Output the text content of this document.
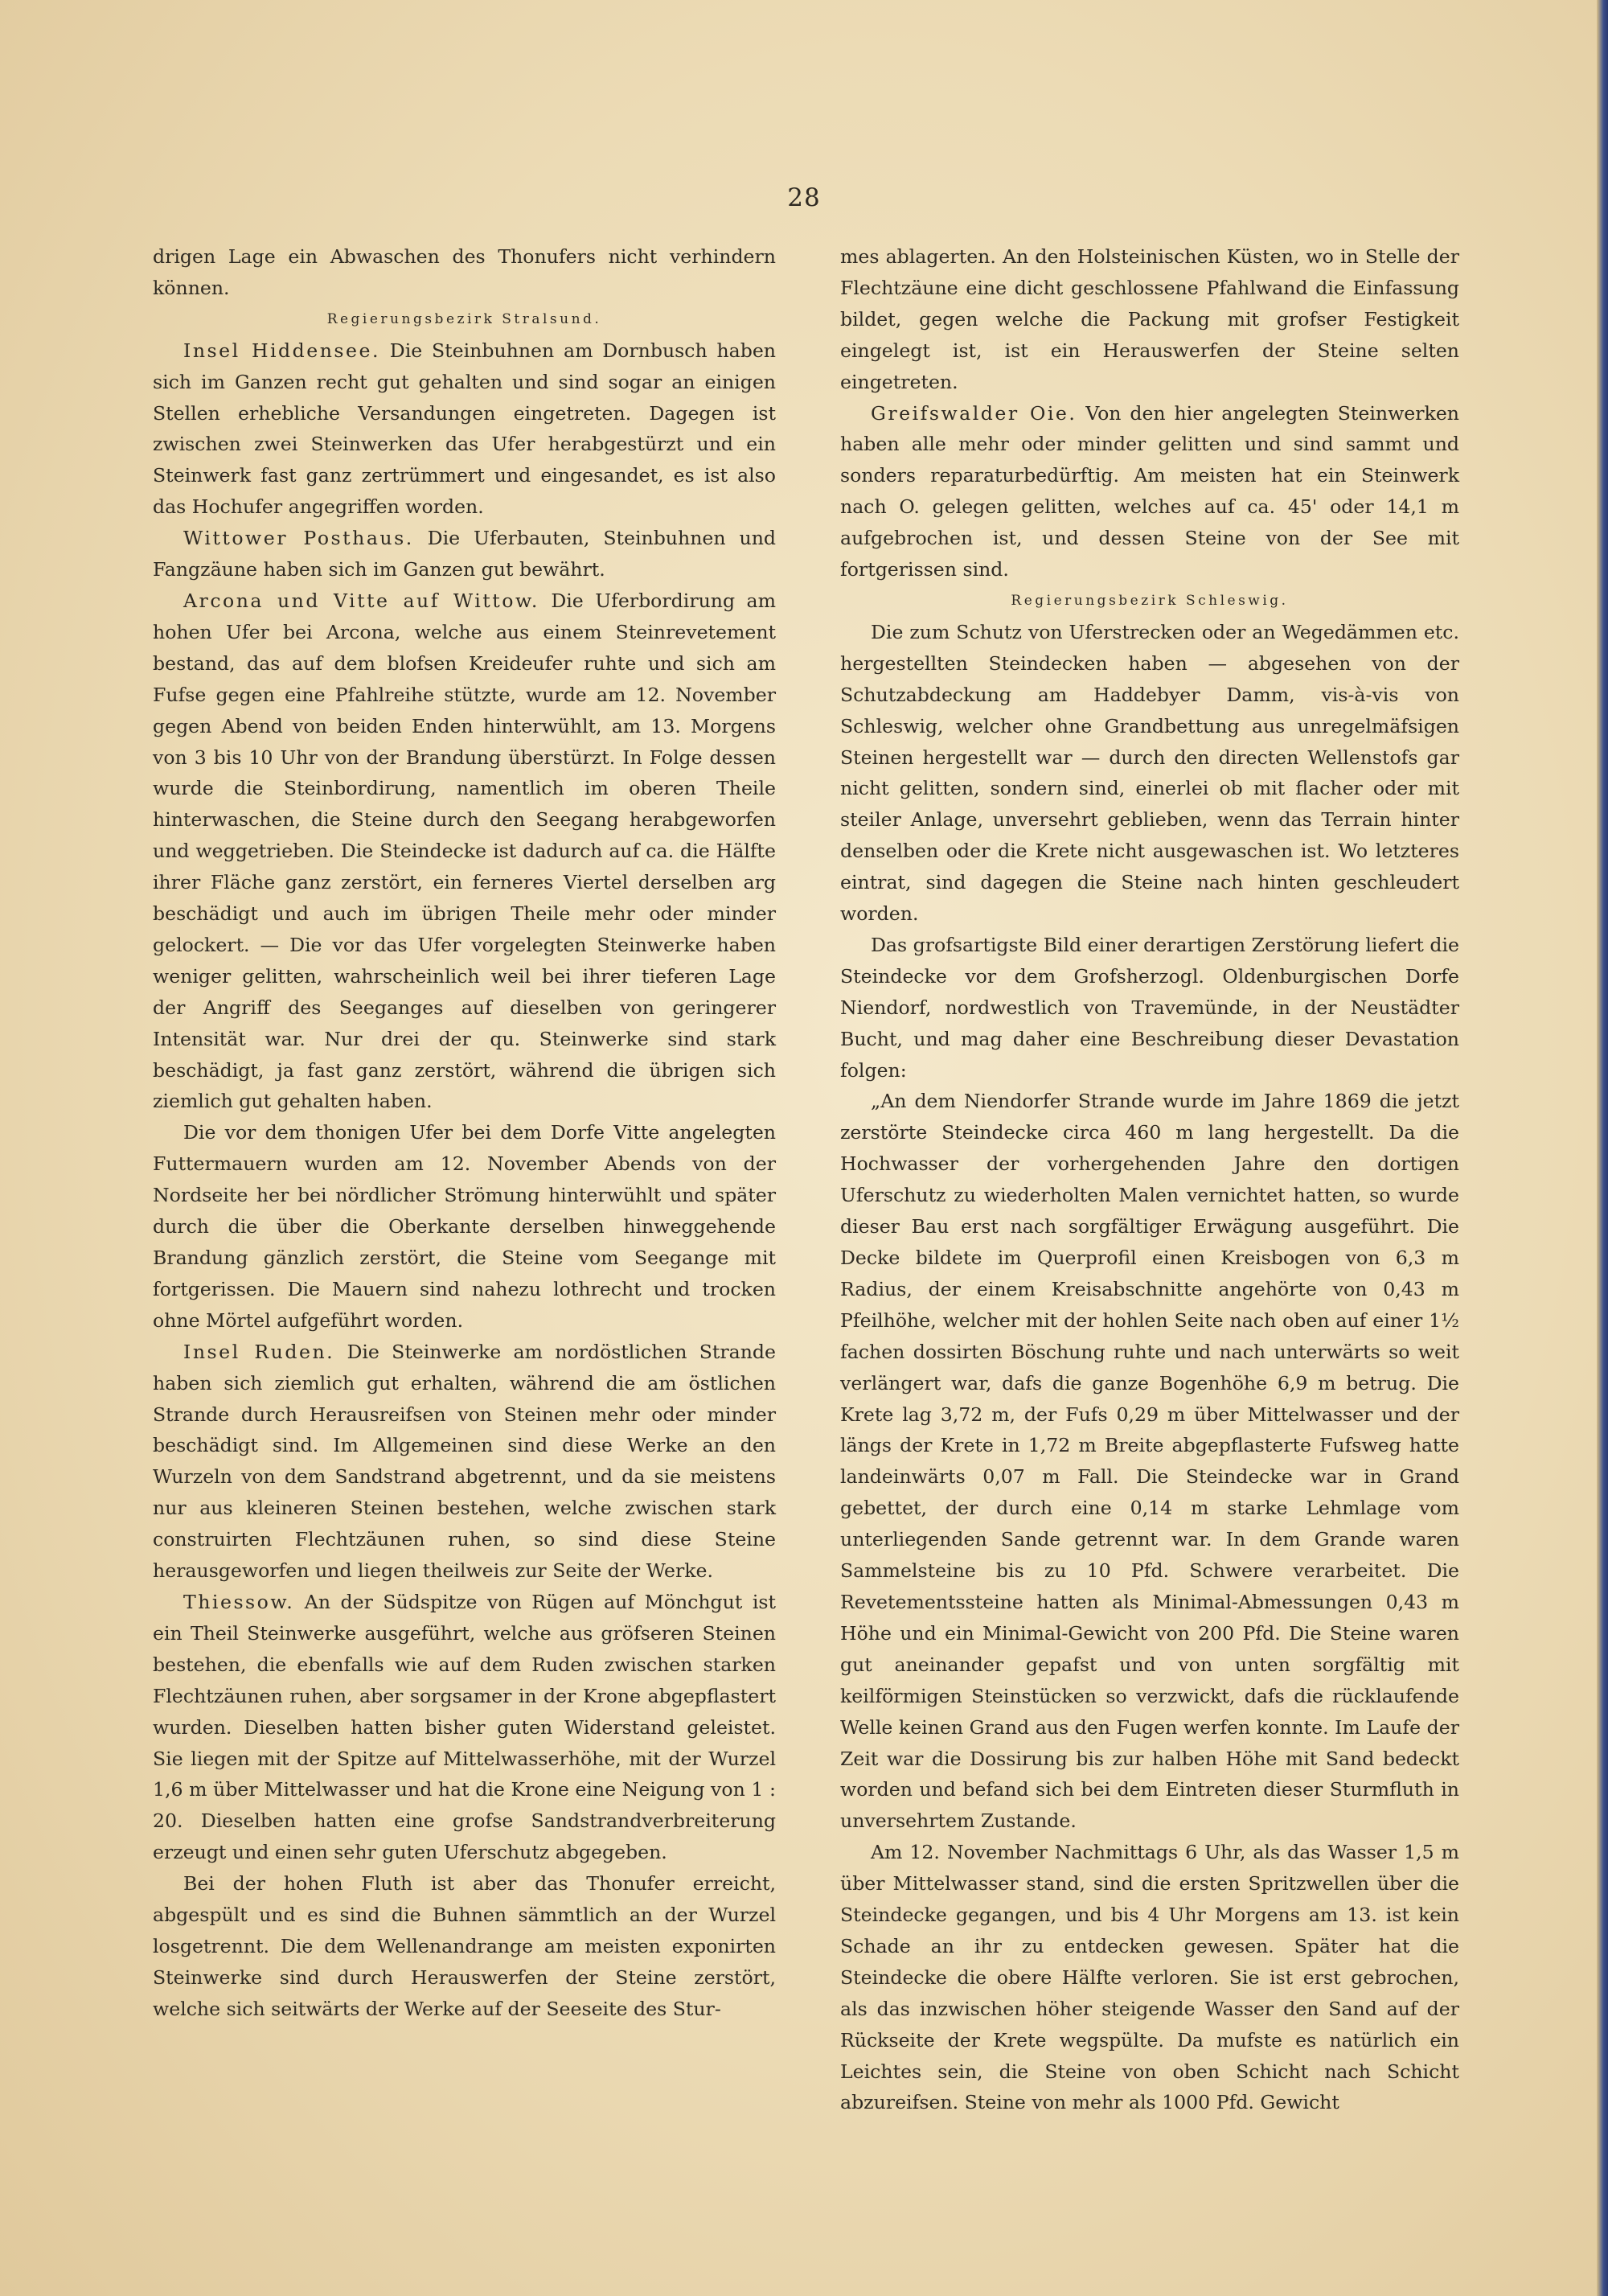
28

drigen Lage ein Abwaschen des Thonufers nicht verhindern können.

Regierungsbezirk Stralsund.

Insel Hiddensee. Die Steinbuhnen am Dornbusch haben sich im Ganzen recht gut gehalten und sind sogar an einigen Stellen erhebliche Versandungen eingetreten. Dagegen ist zwischen zwei Steinwerken das Ufer herabgestürzt und ein Steinwerk fast ganz zertrümmert und eingesandet, es ist also das Hochufer angegriffen worden.

Wittower Posthaus. Die Uferbauten, Steinbuhnen und Fangzäune haben sich im Ganzen gut bewährt.

Arcona und Vitte auf Wittow. Die Uferbordirung am hohen Ufer bei Arcona, welche aus einem Steinrevetement bestand, das auf dem blofsen Kreideufer ruhte und sich am Fufse gegen eine Pfahlreihe stützte, wurde am 12. November gegen Abend von beiden Enden hinterwühlt, am 13. Morgens von 3 bis 10 Uhr von der Brandung überstürzt. In Folge dessen wurde die Steinbordirung, namentlich im oberen Theile hinterwaschen, die Steine durch den Seegang herabgeworfen und weggetrieben. Die Steindecke ist dadurch auf ca. die Hälfte ihrer Fläche ganz zerstört, ein ferneres Viertel derselben arg beschädigt und auch im übrigen Theile mehr oder minder gelockert. — Die vor das Ufer vorgelegten Steinwerke haben weniger gelitten, wahrscheinlich weil bei ihrer tieferen Lage der Angriff des Seeganges auf dieselben von geringerer Intensität war. Nur drei der qu. Steinwerke sind stark beschädigt, ja fast ganz zerstört, während die übrigen sich ziemlich gut gehalten haben.

Die vor dem thonigen Ufer bei dem Dorfe Vitte angelegten Futtermauern wurden am 12. November Abends von der Nordseite her bei nördlicher Strömung hinterwühlt und später durch die über die Oberkante derselben hinweggehende Brandung gänzlich zerstört, die Steine vom Seegange mit fortgerissen. Die Mauern sind nahezu lothrecht und trocken ohne Mörtel aufgeführt worden.

Insel Ruden. Die Steinwerke am nordöstlichen Strande haben sich ziemlich gut erhalten, während die am östlichen Strande durch Herausreifsen von Steinen mehr oder minder beschädigt sind. Im Allgemeinen sind diese Werke an den Wurzeln von dem Sandstrand abgetrennt, und da sie meistens nur aus kleineren Steinen bestehen, welche zwischen stark construirten Flechtzäunen ruhen, so sind diese Steine herausgeworfen und liegen theilweis zur Seite der Werke.

Thiessow. An der Südspitze von Rügen auf Mönchgut ist ein Theil Steinwerke ausgeführt, welche aus gröfseren Steinen bestehen, die ebenfalls wie auf dem Ruden zwischen starken Flechtzäunen ruhen, aber sorgsamer in der Krone abgepflastert wurden. Dieselben hatten bisher guten Widerstand geleistet. Sie liegen mit der Spitze auf Mittelwasserhöhe, mit der Wurzel 1,6 m über Mittelwasser und hat die Krone eine Neigung von 1 : 20. Dieselben hatten eine grofse Sandstrandverbreiterung erzeugt und einen sehr guten Uferschutz abgegeben.

Bei der hohen Fluth ist aber das Thonufer erreicht, abgespült und es sind die Buhnen sämmtlich an der Wurzel losgetrennt. Die dem Wellenandrange am meisten exponirten Steinwerke sind durch Herauswerfen der Steine zerstört, welche sich seitwärts der Werke auf der Seeseite des Stur-

mes ablagerten. An den Holsteinischen Küsten, wo in Stelle der Flechtzäune eine dicht geschlossene Pfahlwand die Einfassung bildet, gegen welche die Packung mit grofser Festigkeit eingelegt ist, ist ein Herauswerfen der Steine selten eingetreten.

Greifswalder Oie. Von den hier angelegten Steinwerken haben alle mehr oder minder gelitten und sind sammt und sonders reparaturbedürftig. Am meisten hat ein Steinwerk nach O. gelegen gelitten, welches auf ca. 45' oder 14,1 m aufgebrochen ist, und dessen Steine von der See mit fortgerissen sind.

Regierungsbezirk Schleswig.

Die zum Schutz von Uferstrecken oder an Wegedämmen etc. hergestellten Steindecken haben — abgesehen von der Schutzabdeckung am Haddebyer Damm, vis-à-vis von Schleswig, welcher ohne Grandbettung aus unregelmäfsigen Steinen hergestellt war — durch den directen Wellenstofs gar nicht gelitten, sondern sind, einerlei ob mit flacher oder mit steiler Anlage, unversehrt geblieben, wenn das Terrain hinter denselben oder die Krete nicht ausgewaschen ist. Wo letzteres eintrat, sind dagegen die Steine nach hinten geschleudert worden.

Das grofsartigste Bild einer derartigen Zerstörung liefert die Steindecke vor dem Grofsherzogl. Oldenburgischen Dorfe Niendorf, nordwestlich von Travemünde, in der Neustädter Bucht, und mag daher eine Beschreibung dieser Devastation folgen:

„An dem Niendorfer Strande wurde im Jahre 1869 die jetzt zerstörte Steindecke circa 460 m lang hergestellt. Da die Hochwasser der vorhergehenden Jahre den dortigen Uferschutz zu wiederholten Malen vernichtet hatten, so wurde dieser Bau erst nach sorgfältiger Erwägung ausgeführt. Die Decke bildete im Querprofil einen Kreisbogen von 6,3 m Radius, der einem Kreisabschnitte angehörte von 0,43 m Pfeilhöhe, welcher mit der hohlen Seite nach oben auf einer 1½ fachen dossirten Böschung ruhte und nach unterwärts so weit verlängert war, dafs die ganze Bogenhöhe 6,9 m betrug. Die Krete lag 3,72 m, der Fufs 0,29 m über Mittelwasser und der längs der Krete in 1,72 m Breite abgepflasterte Fufsweg hatte landeinwärts 0,07 m Fall. Die Steindecke war in Grand gebettet, der durch eine 0,14 m starke Lehmlage vom unterliegenden Sande getrennt war. In dem Grande waren Sammelsteine bis zu 10 Pfd. Schwere verarbeitet. Die Revetementssteine hatten als Minimal-Abmessungen 0,43 m Höhe und ein Minimal-Gewicht von 200 Pfd. Die Steine waren gut aneinander gepafst und von unten sorgfältig mit keilförmigen Steinstücken so verzwickt, dafs die rücklaufende Welle keinen Grand aus den Fugen werfen konnte. Im Laufe der Zeit war die Dossirung bis zur halben Höhe mit Sand bedeckt worden und befand sich bei dem Eintreten dieser Sturmfluth in unversehrtem Zustande.

Am 12. November Nachmittags 6 Uhr, als das Wasser 1,5 m über Mittelwasser stand, sind die ersten Spritzwellen über die Steindecke gegangen, und bis 4 Uhr Morgens am 13. ist kein Schade an ihr zu entdecken gewesen. Später hat die Steindecke die obere Hälfte verloren. Sie ist erst gebrochen, als das inzwischen höher steigende Wasser den Sand auf der Rückseite der Krete wegspülte. Da mufste es natürlich ein Leichtes sein, die Steine von oben Schicht nach Schicht abzureifsen. Steine von mehr als 1000 Pfd. Gewicht
